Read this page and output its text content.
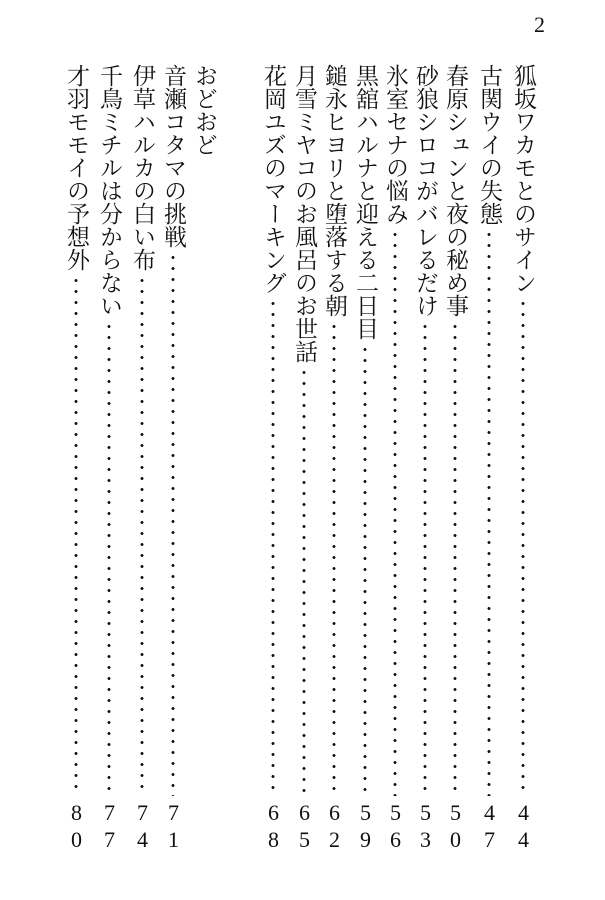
2
狐坂ワカモとのサイン
44
古関ウイの失態
47
春原シュンと夜の秘め事
50
砂狼シロコがバレるだけ
53
氷室セナの悩み
56
黒舘ハルナと迎える二日目
59
鎚永ヒヨリと堕落する朝
62
月雪ミヤコのお風呂のお世話
65
花岡ユズのマーキング
68
おどおど
音瀬コタマの挑戦
71
伊草ハルカの白い布
74
千鳥ミチルは分からない
77
才羽モモイの予想外
80
